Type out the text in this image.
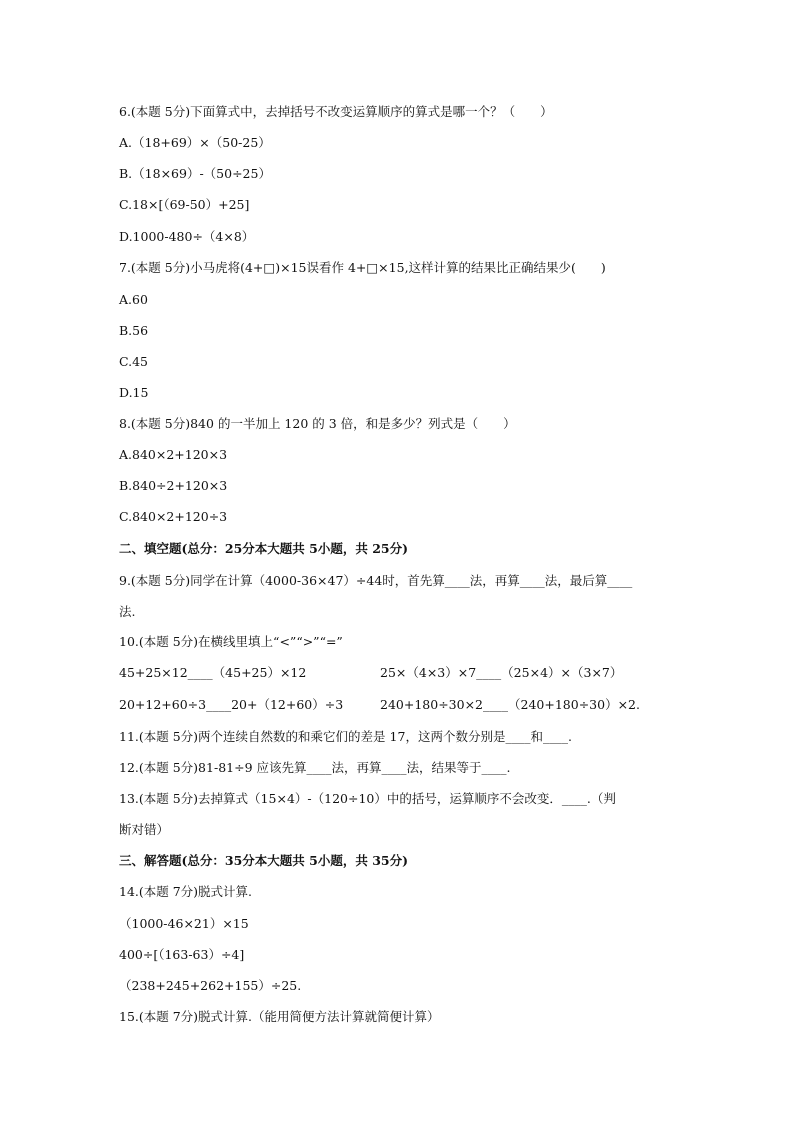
6.(本题 5分)下面算式中，去掉括号不改变运算顺序的算式是哪一个？（　　）
A.（18+69）×（50-25）
B.（18×69）-（50÷25）
C.18×[（69-50）+25]
D.1000-480÷（4×8）
7.(本题 5分)小马虎将(4+□)×15误看作 4+□×15,这样计算的结果比正确结果少(　　)
A.60
B.56
C.45
D.15
8.(本题 5分)840 的一半加上 120 的 3 倍，和是多少？列式是（　　）
A.840×2+120×3
B.840÷2+120×3
C.840×2+120÷3
二、填空题(总分：25分本大题共 5小题，共 25分)
9.(本题 5分)同学在计算（4000-36×47）÷44时，首先算____法，再算____法，最后算____
法.
10.(本题 5分)在横线里填上“<”“>”“=”
45+25×12____（45+25）×12	25×（4×3）×7____（25×4）×（3×7）
20+12+60÷3____20+（12+60）÷3	240+180÷30×2____（240+180÷30）×2.
11.(本题 5分)两个连续自然数的和乘它们的差是 17，这两个数分别是____和____.
12.(本题 5分)81-81÷9 应该先算____法，再算____法，结果等于____.
13.(本题 5分)去掉算式（15×4）-（120÷10）中的括号，运算顺序不会改变．____.（判
断对错）
三、解答题(总分：35分本大题共 5小题，共 35分)
14.(本题 7分)脱式计算.
（1000-46×21）×15
400÷[（163-63）÷4]
（238+245+262+155）÷25.
15.(本题 7分)脱式计算.（能用简便方法计算就简便计算）
